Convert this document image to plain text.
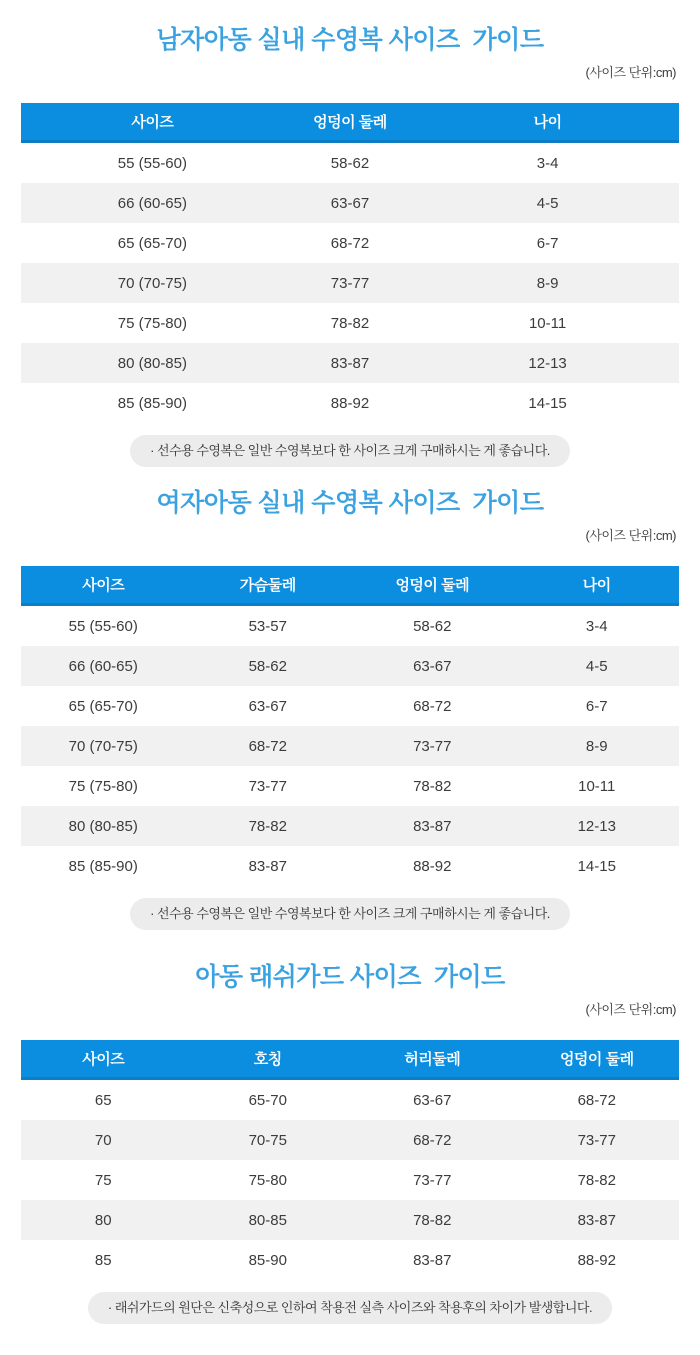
남자아동 실내 수영복 사이즈  가이드
(사이즈 단위:cm)
사이즈	엉덩이 둘레	나이
55 (55-60)	58-62	3-4
66 (60-65)	63-67	4-5
65 (65-70)	68-72	6-7
70 (70-75)	73-77	8-9
75 (75-80)	78-82	10-11
80 (80-85)	83-87	12-13
85 (85-90)	88-92	14-15
· 선수용 수영복은 일반 수영복보다 한 사이즈 크게 구매하시는 게 좋습니다.
여자아동 실내 수영복 사이즈  가이드
(사이즈 단위:cm)
사이즈	가슴둘레	엉덩이 둘레	나이
55 (55-60)	53-57	58-62	3-4
66 (60-65)	58-62	63-67	4-5
65 (65-70)	63-67	68-72	6-7
70 (70-75)	68-72	73-77	8-9
75 (75-80)	73-77	78-82	10-11
80 (80-85)	78-82	83-87	12-13
85 (85-90)	83-87	88-92	14-15
· 선수용 수영복은 일반 수영복보다 한 사이즈 크게 구매하시는 게 좋습니다.
아동 래쉬가드 사이즈  가이드
(사이즈 단위:cm)
사이즈	호칭	허리둘레	엉덩이 둘레
65	65-70	63-67	68-72
70	70-75	68-72	73-77
75	75-80	73-77	78-82
80	80-85	78-82	83-87
85	85-90	83-87	88-92
· 래쉬가드의 원단은 신축성으로 인하여 착용전 실측 사이즈와 착용후의 차이가 발생합니다.
